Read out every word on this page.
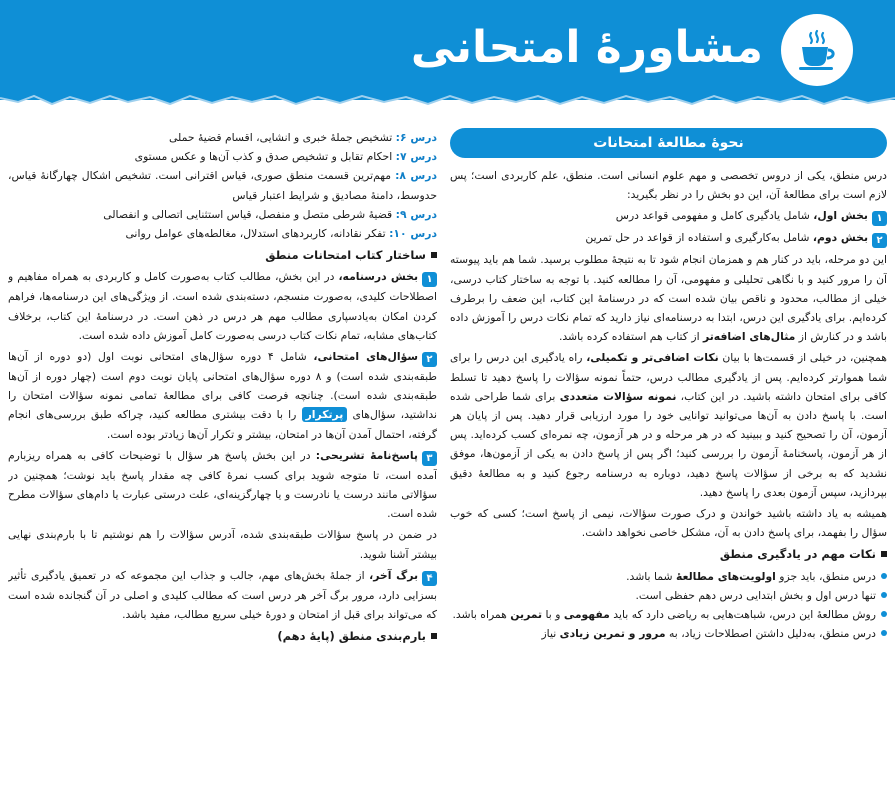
مشاورهٔ امتحانی
نحوهٔ مطالعهٔ امتحانات
درس منطق، یکی از دروس تخصصی و مهم علوم انسانی است. منطق، علم کاربردی است؛ پس لازم است برای مطالعهٔ آن، این دو بخش را در نظر بگیرید:
۱بخش اول، شامل یادگیری کامل و مفهومی قواعد درس
۲بخش دوم، شامل به‌کارگیری و استفاده از قواعد در حل تمرین
این دو مرحله، باید در کنار هم و همزمان انجام شود تا به نتیجهٔ مطلوب برسید. شما هم باید پیوسته آن را مرور کنید و با نگاهی تحلیلی و مفهومی، آن را مطالعه کنید. با توجه به ساختار کتاب درسی، خیلی از مطالب، محدود و ناقص بیان شده است که در درسنامهٔ این کتاب، این ضعف را برطرف کرده‌ایم. برای یادگیری این درس، ابتدا به درسنامه‌ای نیاز دارید که تمام نکات درس را آموزش داده باشد و در کنارش از مثال‌های اضافه‌تر از کتاب هم استفاده کرده باشد.
همچنین، در خیلی از قسمت‌ها با بیان نکات اضافی‌تر و تکمیلی، راه یادگیری این درس را برای شما هموارتر کرده‌ایم. پس از یادگیری مطالب درس، حتماً نمونه سؤالات را پاسخ دهید تا تسلط کافی برای امتحان داشته باشید. در این کتاب، نمونه سؤالات متعددی برای شما طراحی شده است. با پاسخ دادن به آن‌ها می‌توانید توانایی خود را مورد ارزیابی قرار دهید. پس از پایان هر آزمون، آن را تصحیح کنید و ببینید که در هر مرحله و در هر آزمون، چه نمره‌ای کسب کرده‌اید. پس از هر آزمون، پاسخنامهٔ آزمون را بررسی کنید؛ اگر پس از پاسخ دادن به یکی از آزمون‌ها، موفق نشدید که به برخی از سؤالات پاسخ دهید، دوباره به درسنامه رجوع کنید و به مطالعهٔ دقیق بپردازید، سپس آزمون بعدی را پاسخ دهید.
همیشه به یاد داشته باشید خواندن و درک صورت سؤالات، نیمی از پاسخ است؛ کسی که خوب سؤال را بفهمد، برای پاسخ دادن به آن، مشکل خاصی نخواهد داشت.
نکات مهم در یادگیری منطق
درس منطق، باید جزو اولویت‌های مطالعهٔ شما باشد.
تنها درس اول و بخش ابتدایی درس دهم حفظی است.
روش مطالعهٔ این درس، شباهت‌هایی به ریاضی دارد که باید مفهومی و با تمرین همراه باشد.
درس منطق، به‌دلیل داشتن اصطلاحات زیاد، به مرور و تمرین زیادی نیاز
درس ۶: تشخیص جملهٔ خبری و انشایی، اقسام قضیهٔ حملی
درس ۷: احکام تقابل و تشخیص صدق و کذب آن‌ها و عکس مستوی
درس ۸: مهم‌ترین قسمت منطق صوری، قیاس اقترانی است. تشخیص اشکال چهارگانهٔ قیاس، حدوسط، دامنهٔ مصادیق و شرایط اعتبار قیاس
درس ۹: قضیهٔ شرطی متصل و منفصل، قیاس استثنایی اتصالی و انفصالی
درس ۱۰: تفکر نقادانه، کاربردهای استدلال، مغالطه‌های عوامل روانی
ساختار کتاب امتحانات منطق
۱بخش درسنامه، در این بخش، مطالب کتاب به‌صورت کامل و کاربردی به همراه مفاهیم و اصطلاحات کلیدی، به‌صورت منسجم، دسته‌بندی شده است. از ویژگی‌های این درسنامه‌ها، فراهم کردن امکان به‌یادسپاری مطالب مهم هر درس در ذهن است. در درسنامهٔ این کتاب، برخلاف کتاب‌های مشابه، تمام نکات کتاب درسی به‌صورت کامل آموزش داده شده است.
۲سؤال‌های امتحانی، شامل ۴ دوره سؤال‌های امتحانی نوبت اول (دو دوره از آن‌ها طبقه‌بندی شده است) و ۸ دوره سؤال‌های امتحانی پایان نوبت دوم است (چهار دوره از آن‌ها طبقه‌بندی شده است). چنانچه فرصت کافی برای مطالعهٔ تمامی نمونه سؤالات امتحان را نداشتید، سؤال‌های پرتکرار را با دقت بیشتری مطالعه کنید، چراکه طبق بررسی‌های انجام گرفته، احتمال آمدن آن‌ها در امتحان، بیشتر و تکرار آن‌ها زیادتر بوده است.
۳پاسخ‌نامهٔ تشریحی: در این بخش پاسخ هر سؤال با توضیحات کافی به همراه ریزبارم آمده است، تا متوجه شوید برای کسب نمرهٔ کافی چه مقدار پاسخ باید نوشت؛ همچنین در سؤالاتی مانند درست یا نادرست و یا چهارگزینه‌ای، علت درستی عبارت یا دام‌های سؤالات مطرح شده است.
در ضمن در پاسخ سؤالات طبقه‌بندی شده، آدرس سؤالات را هم نوشتیم تا با بارم‌بندی نهایی بیشتر آشنا شوید.
۴برگ آخر، از جملهٔ بخش‌های مهم، جالب و جذاب این مجموعه که در تعمیق یادگیری تأثیر بسزایی دارد، مرور برگ آخر هر درس است که مطالب کلیدی و اصلی در آن گنجانده شده است که می‌تواند برای قبل از امتحان و دورهٔ خیلی سریع مطالب، مفید باشد.
بارم‌بندی منطق (پایهٔ دهم)
